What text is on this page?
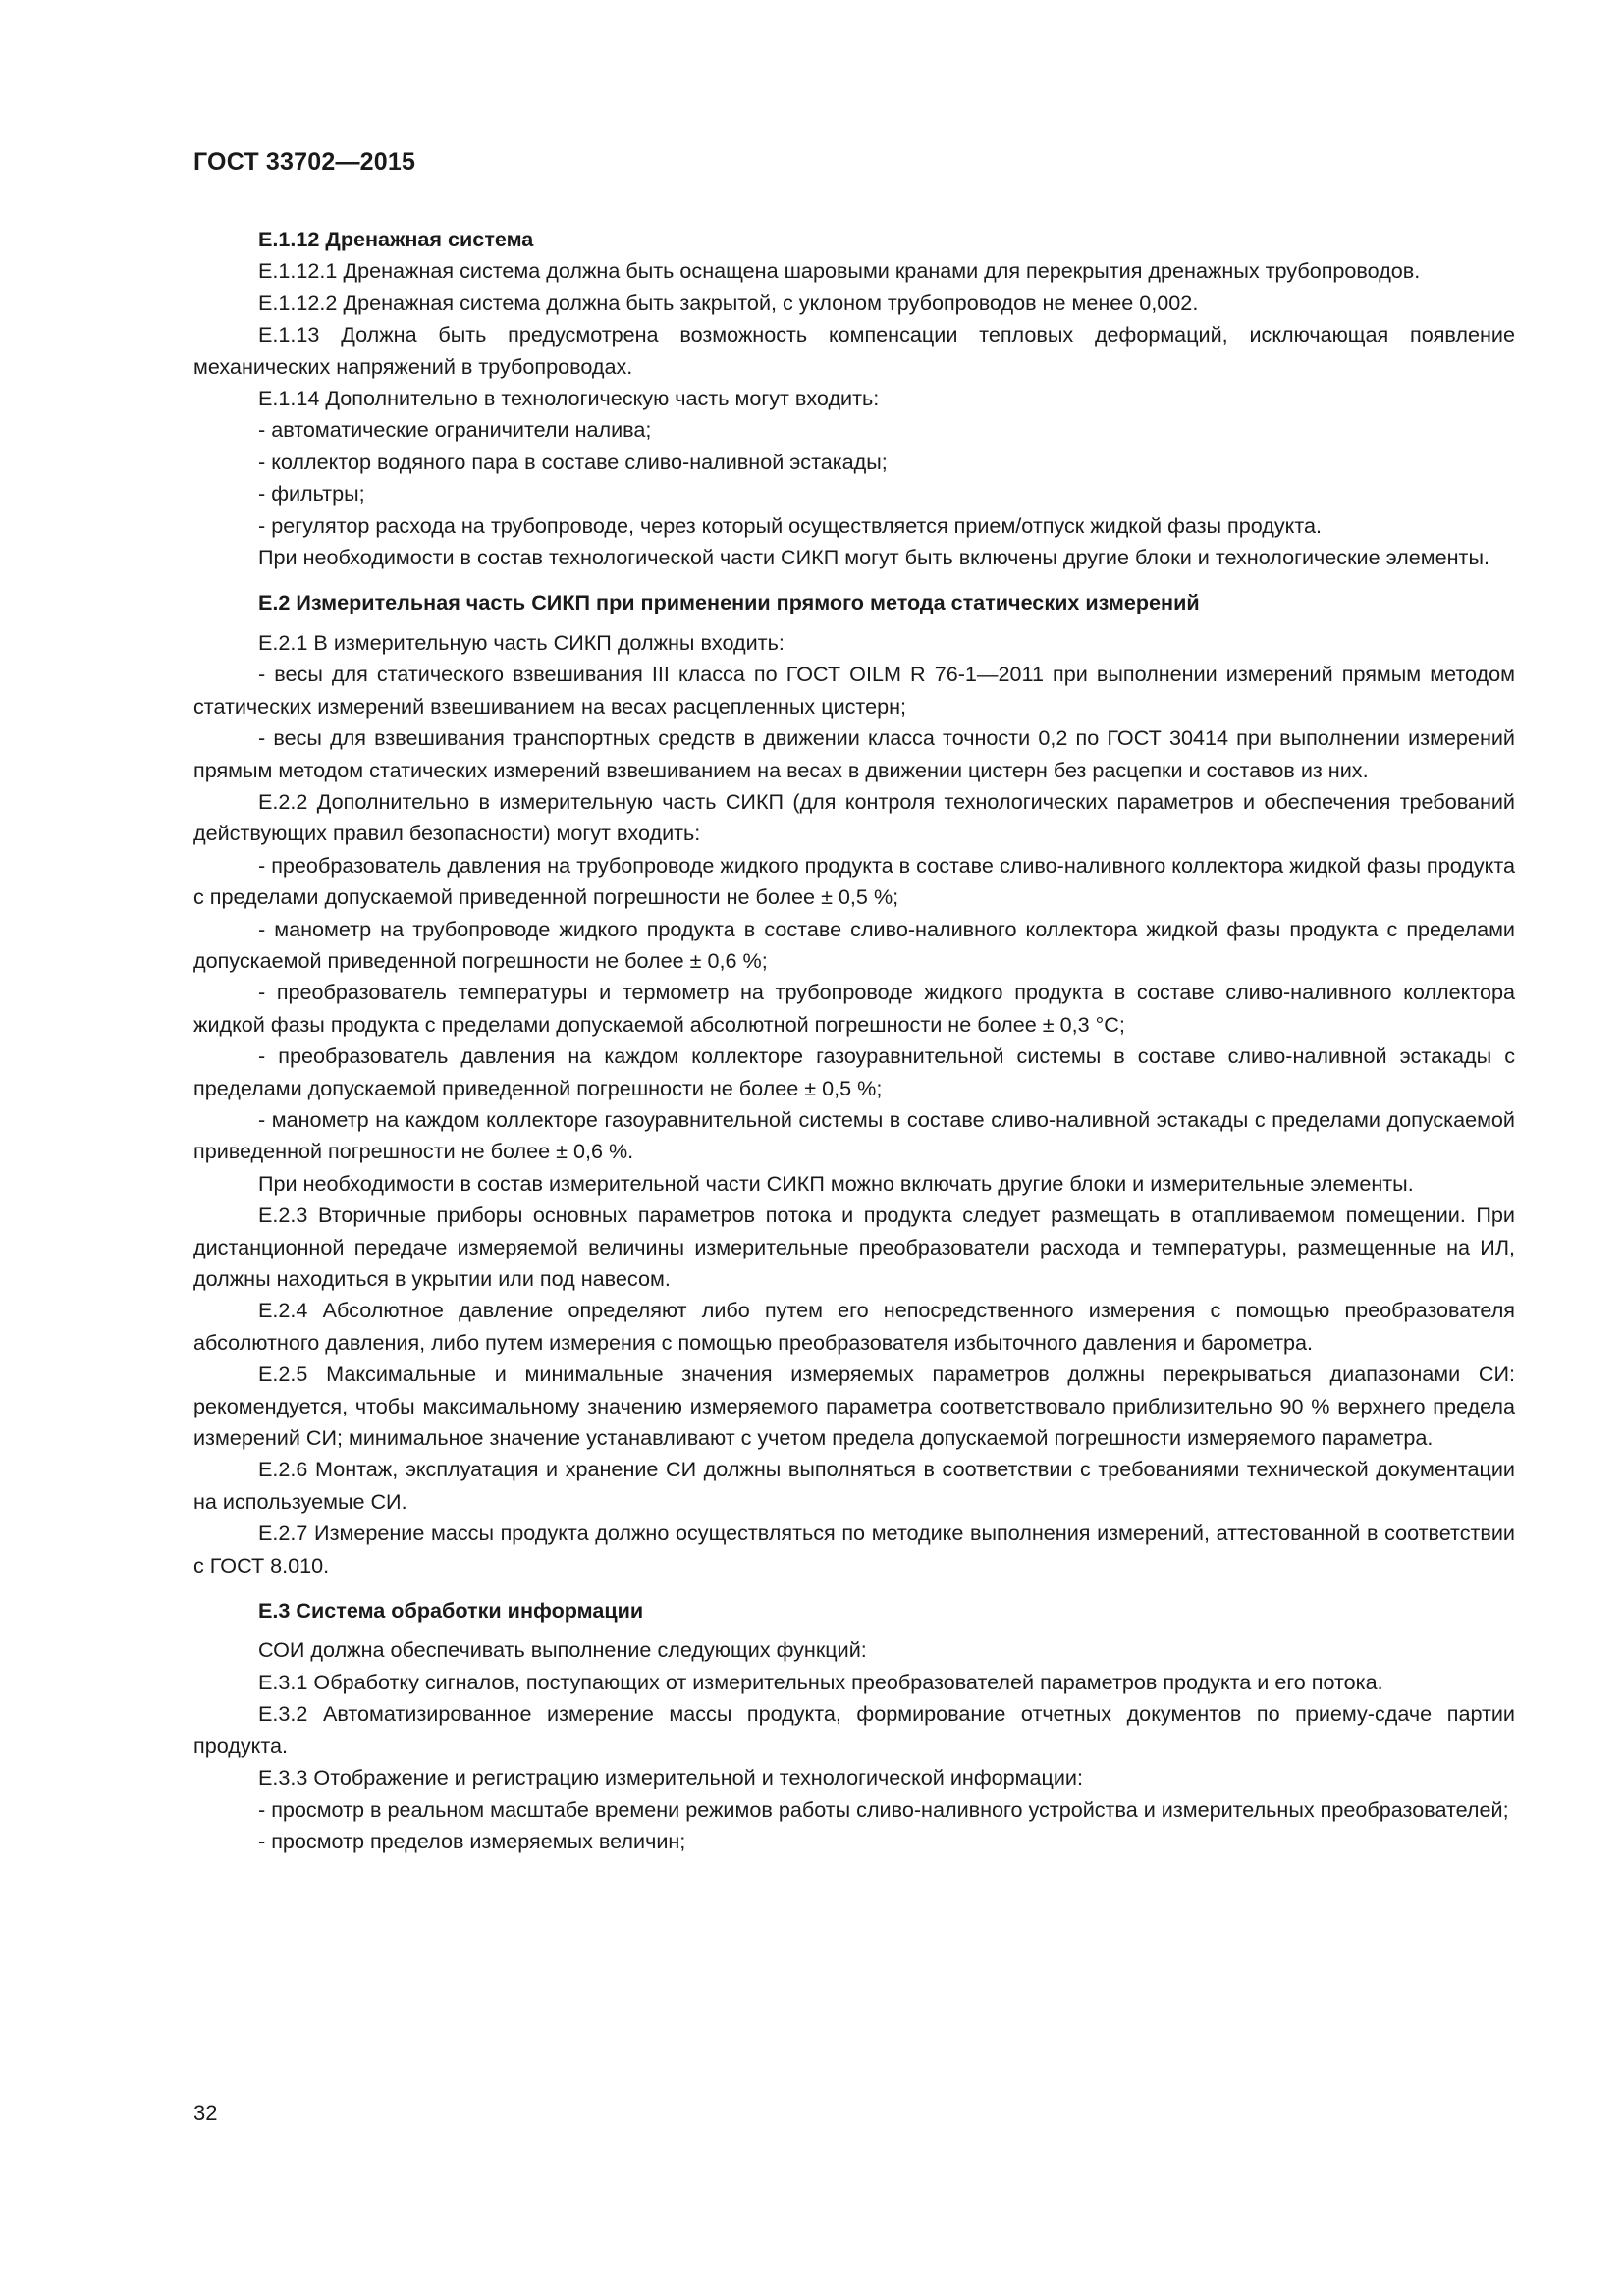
ГОСТ 33702—2015
Е.1.12 Дренажная система

Е.1.12.1 Дренажная система должна быть оснащена шаровыми кранами для перекрытия дренажных трубопроводов.

Е.1.12.2 Дренажная система должна быть закрытой, с уклоном трубопроводов не менее 0,002.

Е.1.13 Должна быть предусмотрена возможность компенсации тепловых деформаций, исключающая появление механических напряжений в трубопроводах.

Е.1.14 Дополнительно в технологическую часть могут входить:

- автоматические ограничители налива;

- коллектор водяного пара в составе сливо-наливной эстакады;

- фильтры;

- регулятор расхода на трубопроводе, через который осуществляется прием/отпуск жидкой фазы продукта.

При необходимости в состав технологической части СИКП могут быть включены другие блоки и технологические элементы.

Е.2 Измерительная часть СИКП при применении прямого метода статических измерений

Е.2.1 В измерительную часть СИКП должны входить:

- весы для статического взвешивания III класса по ГОСТ OILM R 76-1—2011 при выполнении измерений прямым методом статических измерений взвешиванием на весах расцепленных цистерн;

- весы для взвешивания транспортных средств в движении класса точности 0,2 по ГОСТ 30414 при выполнении измерений прямым методом статических измерений взвешиванием на весах в движении цистерн без расцепки и составов из них.

Е.2.2 Дополнительно в измерительную часть СИКП (для контроля технологических параметров и обеспечения требований действующих правил безопасности) могут входить:

- преобразователь давления на трубопроводе жидкого продукта в составе сливо-наливного коллектора жидкой фазы продукта с пределами допускаемой приведенной погрешности не более ± 0,5 %;

- манометр на трубопроводе жидкого продукта в составе сливо-наливного коллектора жидкой фазы продукта с пределами допускаемой приведенной погрешности не более ± 0,6 %;

- преобразователь температуры и термометр на трубопроводе жидкого продукта в составе сливо-наливного коллектора жидкой фазы продукта с пределами допускаемой абсолютной погрешности не более ± 0,3 °С;

- преобразователь давления на каждом коллекторе газоуравнительной системы в составе сливо-наливной эстакады с пределами допускаемой приведенной погрешности не более ± 0,5 %;

- манометр на каждом коллекторе газоуравнительной системы в составе сливо-наливной эстакады с пределами допускаемой приведенной погрешности не более ± 0,6 %.

При необходимости в состав измерительной части СИКП можно включать другие блоки и измерительные элементы.

Е.2.3 Вторичные приборы основных параметров потока и продукта следует размещать в отапливаемом помещении. При дистанционной передаче измеряемой величины измерительные преобразователи расхода и температуры, размещенные на ИЛ, должны находиться в укрытии или под навесом.

Е.2.4 Абсолютное давление определяют либо путем его непосредственного измерения с помощью преобразователя абсолютного давления, либо путем измерения с помощью преобразователя избыточного давления и барометра.

Е.2.5 Максимальные и минимальные значения измеряемых параметров должны перекрываться диапазонами СИ: рекомендуется, чтобы максимальному значению измеряемого параметра соответствовало приблизительно 90 % верхнего предела измерений СИ; минимальное значение устанавливают с учетом предела допускаемой погрешности измеряемого параметра.

Е.2.6 Монтаж, эксплуатация и хранение СИ должны выполняться в соответствии с требованиями технической документации на используемые СИ.

Е.2.7 Измерение массы продукта должно осуществляться по методике выполнения измерений, аттестованной в соответствии с ГОСТ 8.010.

Е.3 Система обработки информации

СОИ должна обеспечивать выполнение следующих функций:

Е.3.1 Обработку сигналов, поступающих от измерительных преобразователей параметров продукта и его потока.

Е.3.2 Автоматизированное измерение массы продукта, формирование отчетных документов по приему-сдаче партии продукта.

Е.3.3 Отображение и регистрацию измерительной и технологической информации:

- просмотр в реальном масштабе времени режимов работы сливо-наливного устройства и измерительных преобразователей;

- просмотр пределов измеряемых величин;

32
